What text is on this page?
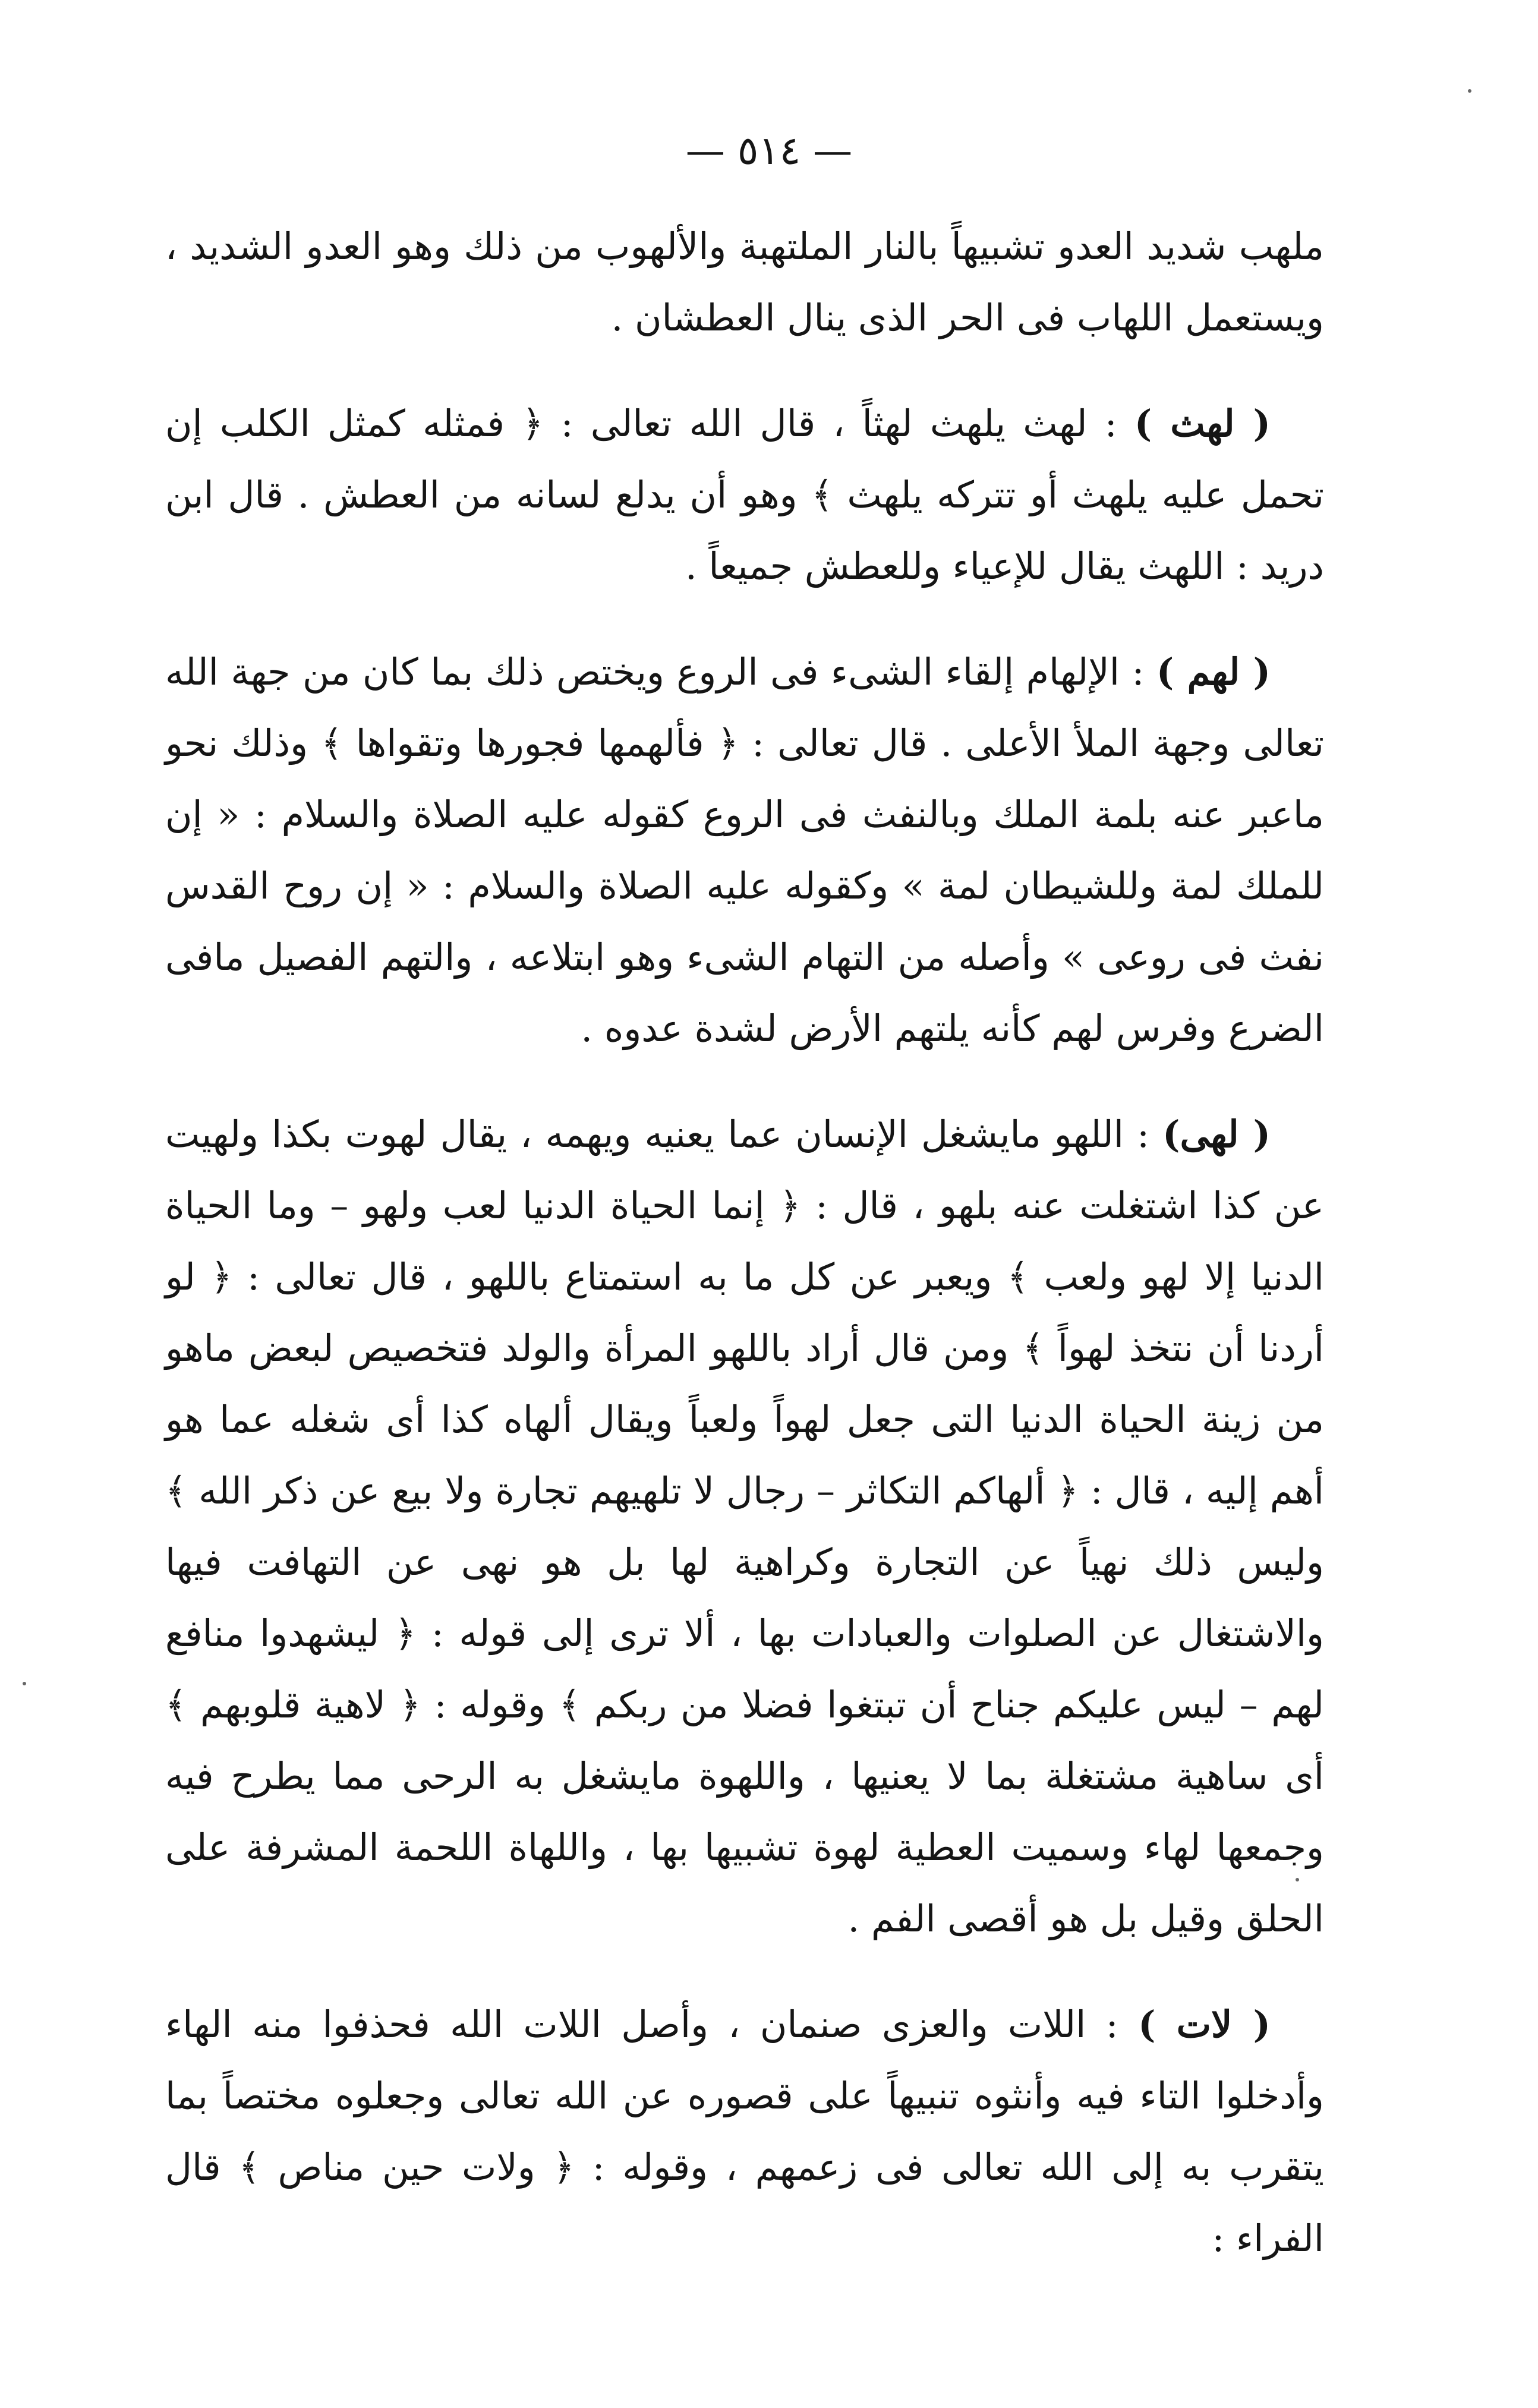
— ٥١٤ —

ملهب شديد العدو تشبيهاً بالنار الملتهبة والألهوب من ذلك وهو العدو الشديد ، ويستعمل اللهاب فى الحر الذى ينال العطشان .

( لهث ) : لهث يلهث لهثاً ، قال الله تعالى : ﴿ فمثله كمثل الكلب إن تحمل عليه يلهث أو تتركه يلهث ﴾ وهو أن يدلع لسانه من العطش . قال ابن دريد : اللهث يقال للإعياء وللعطش جميعاً .

( لهم ) : الإلهام إلقاء الشىء فى الروع ويختص ذلك بما كان من جهة الله تعالى وجهة الملأ الأعلى . قال تعالى : ﴿ فألهمها فجورها وتقواها ﴾ وذلك نحو ماعبر عنه بلمة الملك وبالنفث فى الروع كقوله عليه الصلاة والسلام : « إن للملك لمة وللشيطان لمة » وكقوله عليه الصلاة والسلام : « إن روح القدس نفث فى روعى » وأصله من التهام الشىء وهو ابتلاعه ، والتهم الفصيل مافى الضرع وفرس لهم كأنه يلتهم الأرض لشدة عدوه .

( لهى) : اللهو مايشغل الإنسان عما يعنيه ويهمه ، يقال لهوت بكذا ولهيت عن كذا اشتغلت عنه بلهو ، قال : ﴿ إنما الحياة الدنيا لعب ولهو – وما الحياة الدنيا إلا لهو ولعب ﴾ ويعبر عن كل ما به استمتاع باللهو ، قال تعالى : ﴿ لو أردنا أن نتخذ لهواً ﴾ ومن قال أراد باللهو المرأة والولد فتخصيص لبعض ماهو من زينة الحياة الدنيا التى جعل لهواً ولعباً ويقال ألهاه كذا أى شغله عما هو أهم إليه ، قال : ﴿ ألهاكم التكاثر – رجال لا تلهيهم تجارة ولا بيع عن ذكر الله ﴾ وليس ذلك نهياً عن التجارة وكراهية لها بل هو نهى عن التهافت فيها والاشتغال عن الصلوات والعبادات بها ، ألا ترى إلى قوله : ﴿ ليشهدوا منافع لهم – ليس عليكم جناح أن تبتغوا فضلا من ربكم ﴾ وقوله : ﴿ لاهية قلوبهم ﴾ أى ساهية مشتغلة بما لا يعنيها ، واللهوة مايشغل به الرحى مما يطرح فيه وجمعها لهاء وسميت العطية لهوة تشبيها بها ، واللهاة اللحمة المشرفة على الحلق وقيل بل هو أقصى الفم .

( لات ) : اللات والعزى صنمان ، وأصل اللات الله فحذفوا منه الهاء وأدخلوا التاء فيه وأنثوه تنبيهاً على قصوره عن الله تعالى وجعلوه مختصاً بما يتقرب به إلى الله تعالى فى زعمهم ، وقوله : ﴿ ولات حين مناص ﴾ قال الفراء :
